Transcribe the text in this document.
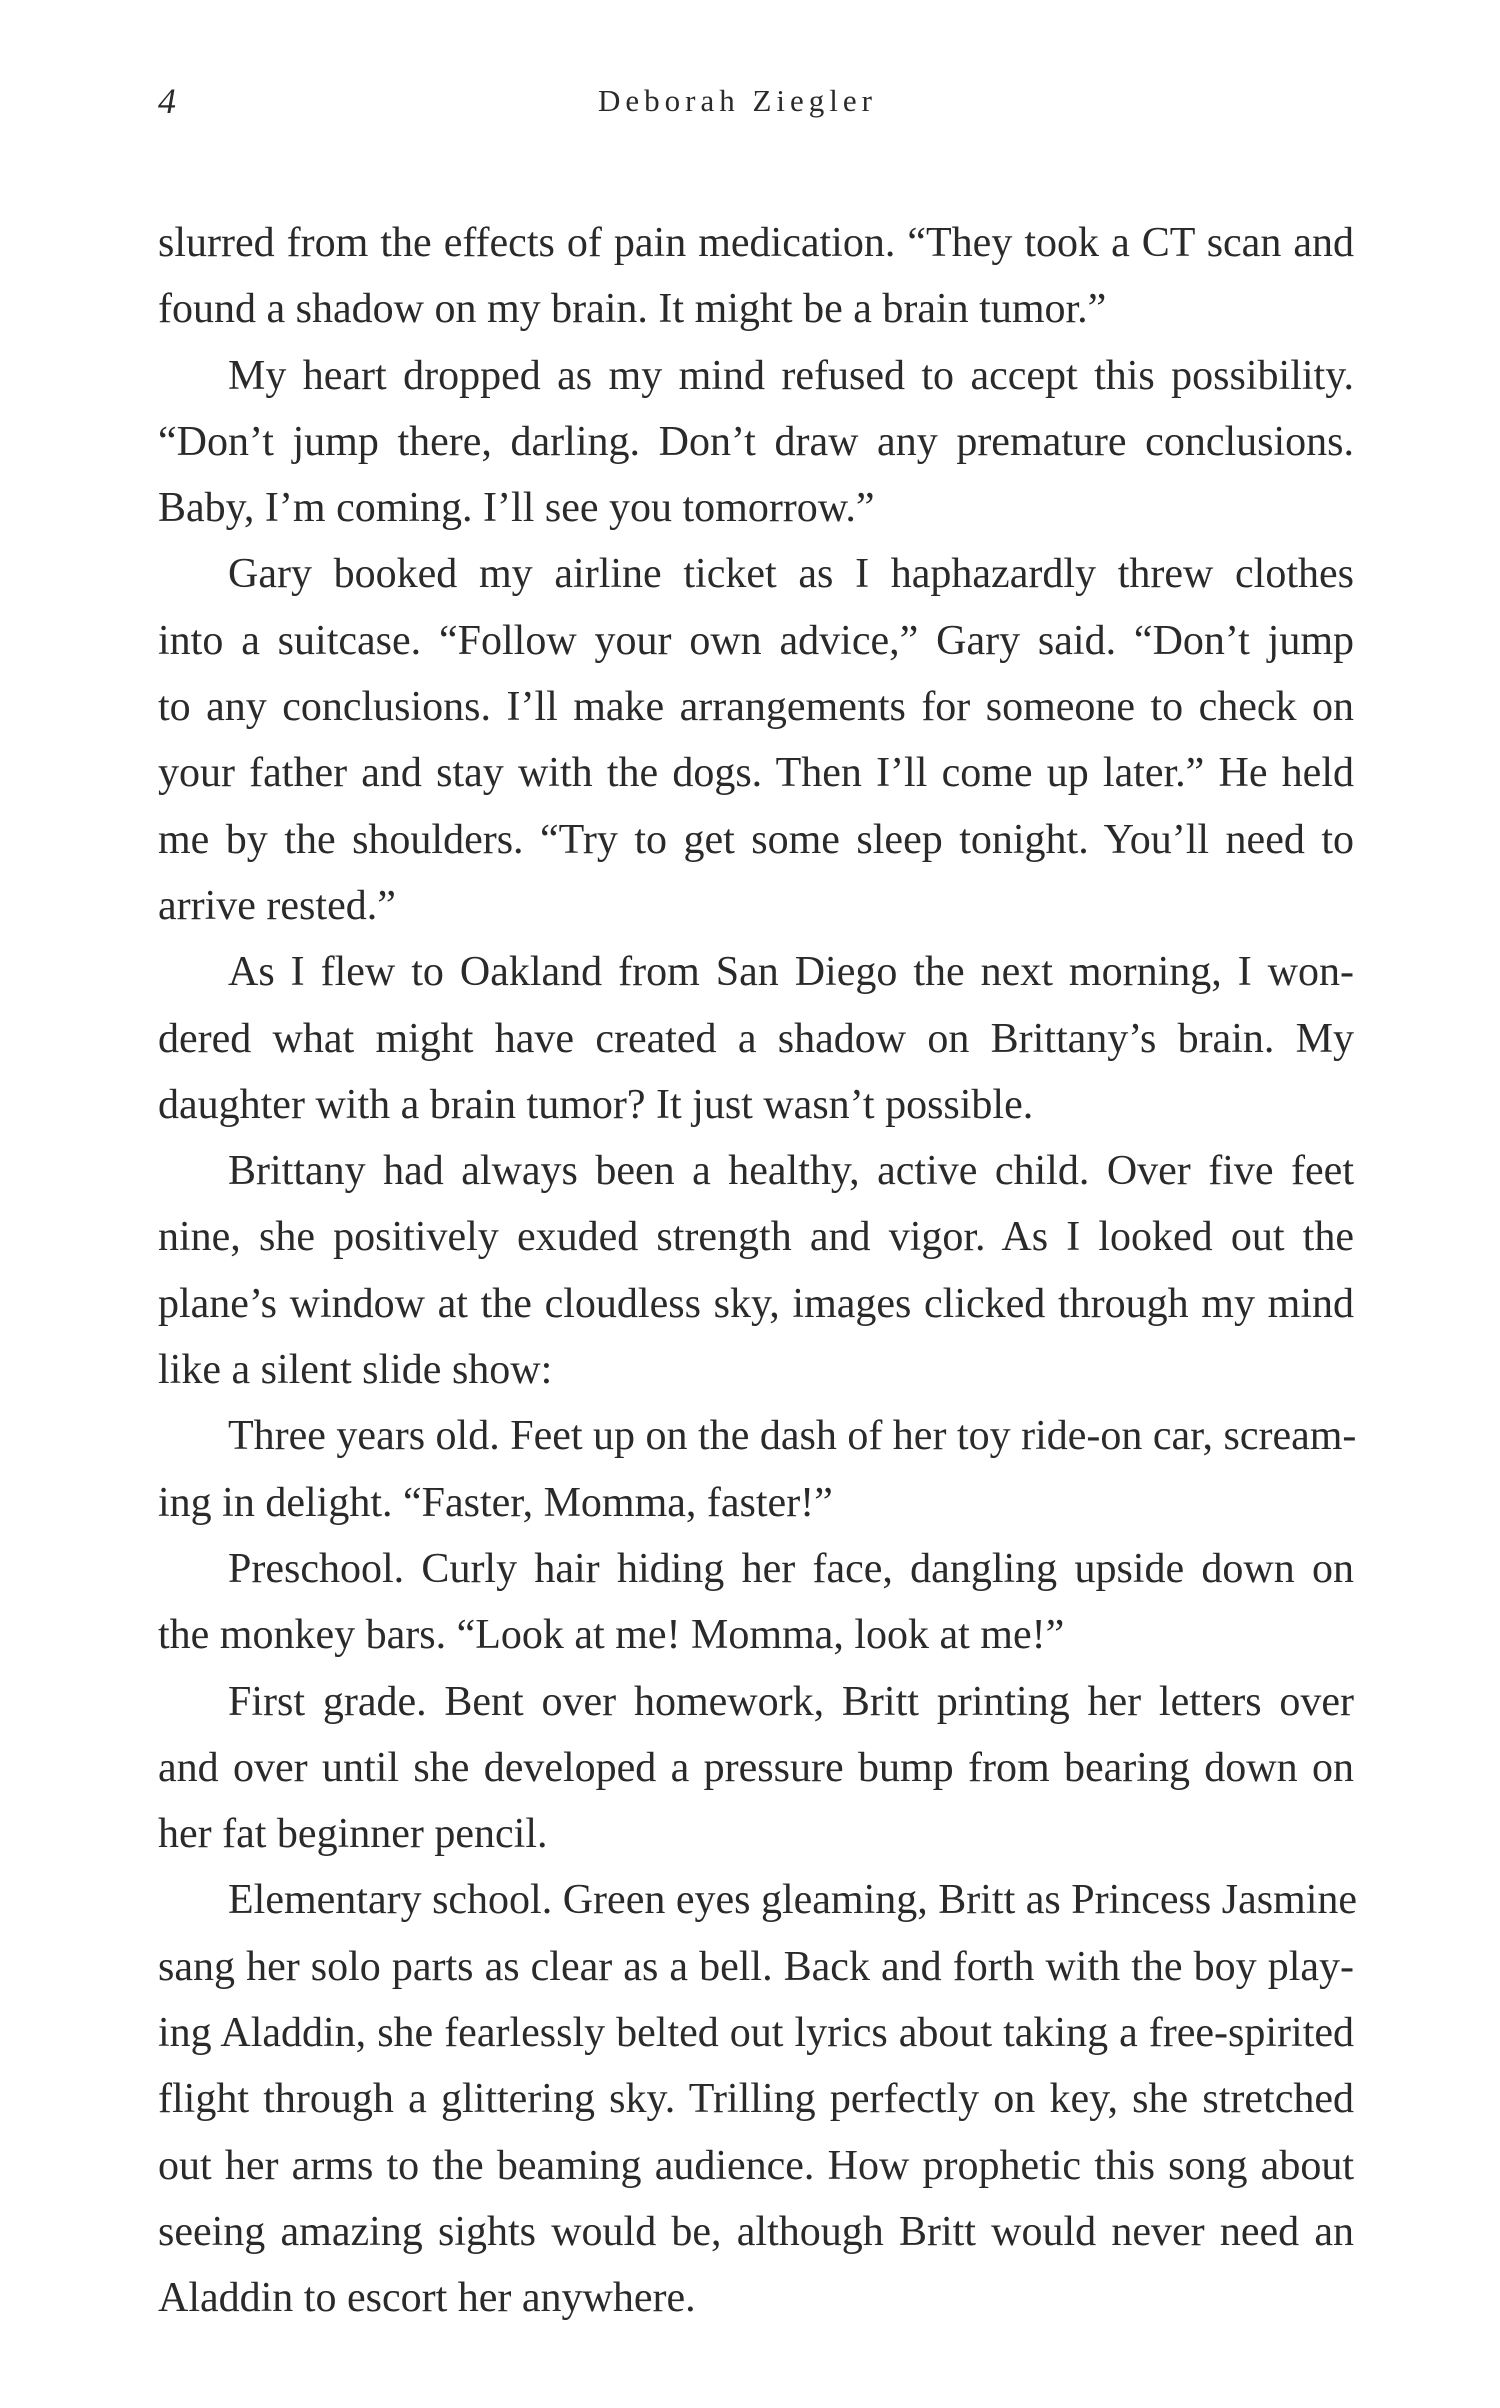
4	Deborah Ziegler
slurred from the effects of pain medication. “They took a CT scan and
found a shadow on my brain. It might be a brain tumor.”
My heart dropped as my mind refused to accept this possibility.
“Don’t jump there, darling. Don’t draw any premature conclusions.
Baby, I’m coming. I’ll see you tomorrow.”
Gary booked my airline ticket as I haphazardly threw clothes
into a suitcase. “Follow your own advice,” Gary said. “Don’t jump
to any conclusions. I’ll make arrangements for someone to check on
your father and stay with the dogs. Then I’ll come up later.” He held
me by the shoulders. “Try to get some sleep tonight. You’ll need to
arrive rested.”
As I flew to Oakland from San Diego the next morning, I won-
dered what might have created a shadow on Brittany’s brain. My
daughter with a brain tumor? It just wasn’t possible.
Brittany had always been a healthy, active child. Over five feet
nine, she positively exuded strength and vigor. As I looked out the
plane’s window at the cloudless sky, images clicked through my mind
like a silent slide show:
Three years old. Feet up on the dash of her toy ride-on car, scream-
ing in delight. “Faster, Momma, faster!”
Preschool. Curly hair hiding her face, dangling upside down on
the monkey bars. “Look at me! Momma, look at me!”
First grade. Bent over homework, Britt printing her letters over
and over until she developed a pressure bump from bearing down on
her fat beginner pencil.
Elementary school. Green eyes gleaming, Britt as Princess Jasmine
sang her solo parts as clear as a bell. Back and forth with the boy play-
ing Aladdin, she fearlessly belted out lyrics about taking a free-spirited
flight through a glittering sky. Trilling perfectly on key, she stretched
out her arms to the beaming audience. How prophetic this song about
seeing amazing sights would be, although Britt would never need an
Aladdin to escort her anywhere.
